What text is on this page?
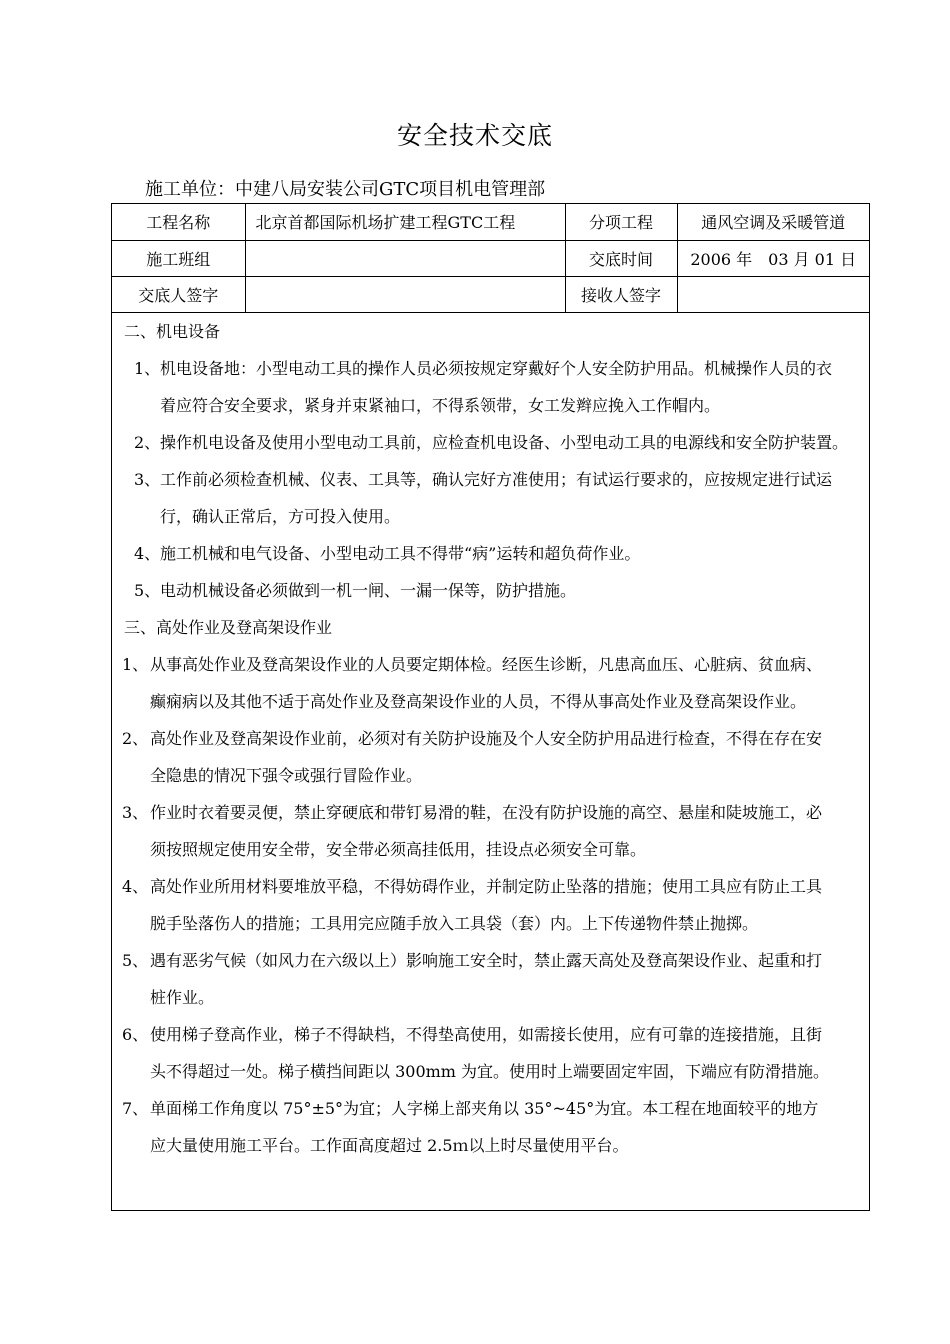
安全技术交底
施工单位：中建八局安装公司GTC项目机电管理部
工程名称	北京首都国际机场扩建工程GTC工程	分项工程	通风空调及采暖管道
施工班组		交底时间	2006 年　03 月 01 日
交底人签字		接收人签字	
二、机电设备
1、 机电设备地：小型电动工具的操作人员必须按规定穿戴好个人安全防护用品。机械操作人员的衣
着应符合安全要求，紧身并束紧袖口，不得系领带，女工发辫应挽入工作帽内。
2、 操作机电设备及使用小型电动工具前，应检查机电设备、小型电动工具的电源线和安全防护装置。
3、 工作前必须检查机械、仪表、工具等，确认完好方准使用；有试运行要求的，应按规定进行试运
行，确认正常后，方可投入使用。
4、 施工机械和电气设备、小型电动工具不得带“病”运转和超负荷作业。
5、 电动机械设备必须做到一机一闸、一漏一保等，防护措施。
三、高处作业及登高架设作业
1、 从事高处作业及登高架设作业的人员要定期体检。经医生诊断，凡患高血压、心脏病、贫血病、
癫痫病以及其他不适于高处作业及登高架设作业的人员，不得从事高处作业及登高架设作业。
2、 高处作业及登高架设作业前，必须对有关防护设施及个人安全防护用品进行检查，不得在存在安
全隐患的情况下强令或强行冒险作业。
3、 作业时衣着要灵便，禁止穿硬底和带钉易滑的鞋，在没有防护设施的高空、悬崖和陡坡施工，必
须按照规定使用安全带，安全带必须高挂低用，挂设点必须安全可靠。
4、 高处作业所用材料要堆放平稳，不得妨碍作业，并制定防止坠落的措施；使用工具应有防止工具
脱手坠落伤人的措施；工具用完应随手放入工具袋（套）内。上下传递物件禁止抛掷。
5、 遇有恶劣气候（如风力在六级以上）影响施工安全时，禁止露天高处及登高架设作业、起重和打
桩作业。
6、 使用梯子登高作业，梯子不得缺档，不得垫高使用，如需接长使用，应有可靠的连接措施，且街
头不得超过一处。梯子横挡间距以 300mm 为宜。使用时上端要固定牢固，下端应有防滑措施。
7、 单面梯工作角度以 75°±5°为宜；人字梯上部夹角以 35°~45°为宜。本工程在地面较平的地方
应大量使用施工平台。工作面高度超过 2.5ｍ以上时尽量使用平台。
